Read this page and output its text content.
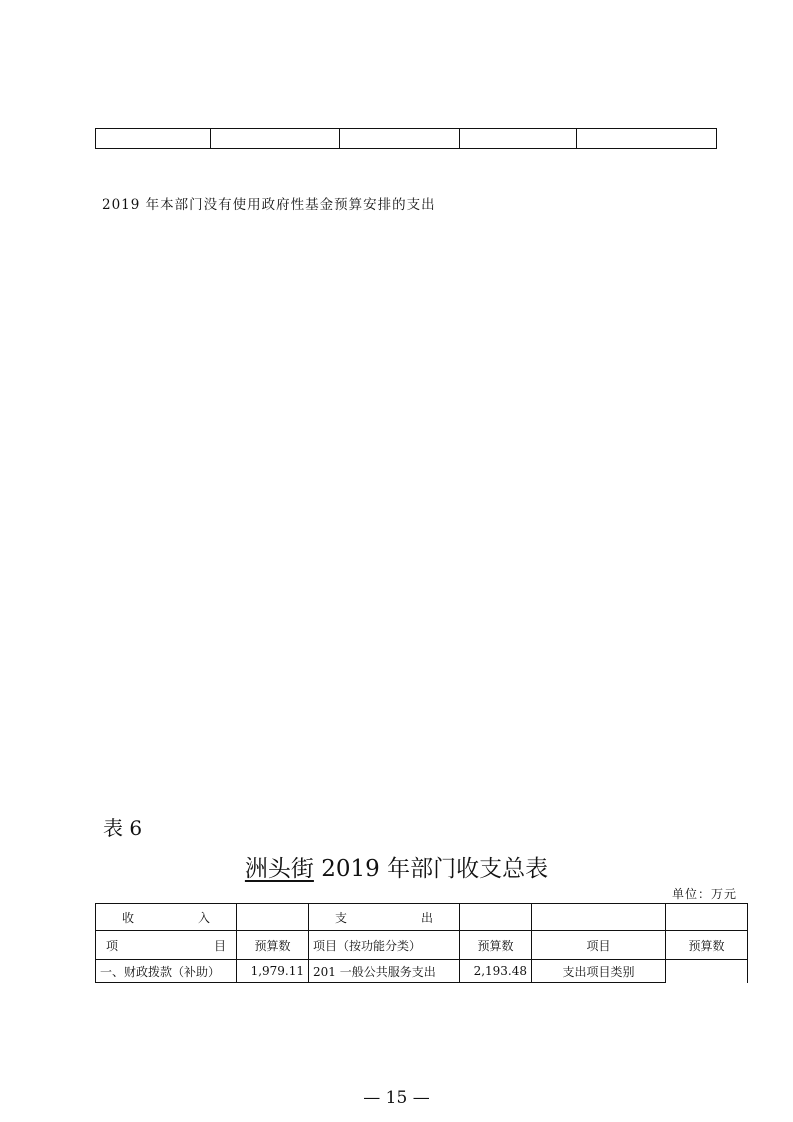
2019 年本部门没有使用政府性基金预算安排的支出
表 6
洲头街 2019 年部门收支总表
单位：万元
收 入		支 出			

项 目	预算数	项目（按功能分类）	预算数	项目	预算数
一、财政拨款（补助）	1,979.11	201 一般公共服务支出	2,193.48	支出项目类别	
— 15 —
